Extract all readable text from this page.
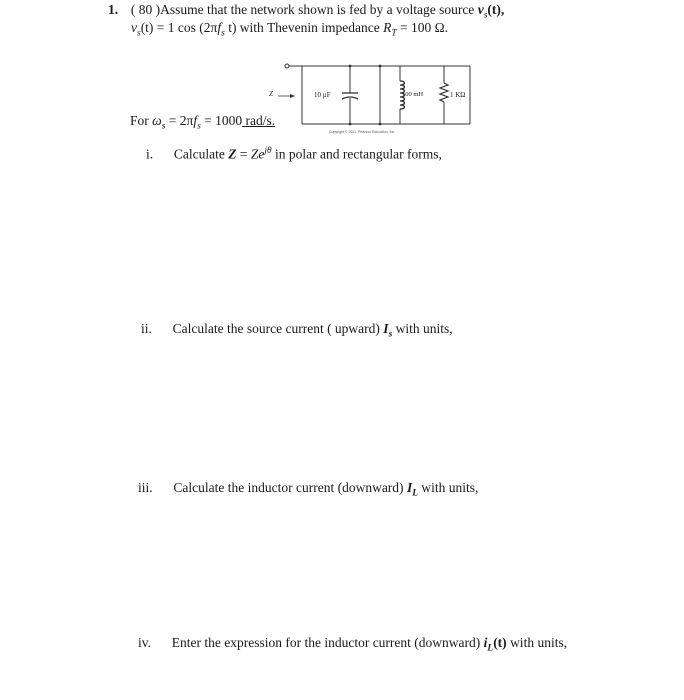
1. ( 80 )Assume that the network shown is fed by a voltage source $v_s(t)$,
$v_s(t) = 1$ $\cos (2\pi f_s$ t) with Thevenin impedance $R_T = 100$ Ω.
Z	10 µF	100 mH	1 KΩ
Copyright © 2011, Pearson Education, Inc.
For $\omega_s = 2\pi f_s = 1000$ rad/s.
i. Calculate $Z = Ze^{j\theta}$ in polar and rectangular forms,
ii. Calculate the source current ( upward) $I_s$ with units,
iii. Calculate the inductor current (downward) $I_L$ with units,
iv. Enter the expression for the inductor current (downward) $i_L(t)$ with units,
